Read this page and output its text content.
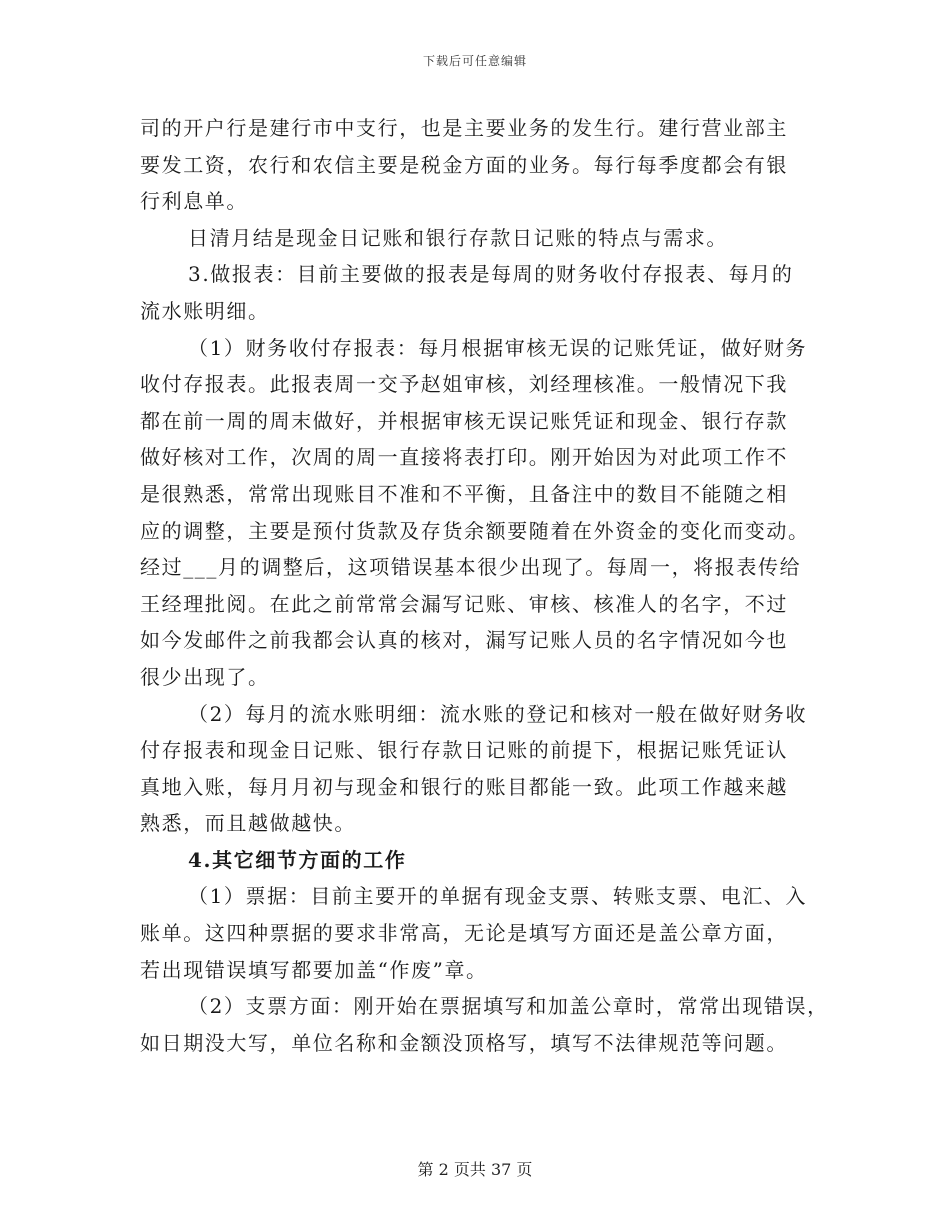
下载后可任意编辑
司的开户行是建行市中支行，也是主要业务的发生行。建行营业部主
要发工资，农行和农信主要是税金方面的业务。每行每季度都会有银
行利息单。
日清月结是现金日记账和银行存款日记账的特点与需求。
3.做报表：目前主要做的报表是每周的财务收付存报表、每月的
流水账明细。
（1）财务收付存报表：每月根据审核无误的记账凭证，做好财务
收付存报表。此报表周一交予赵姐审核，刘经理核准。一般情况下我
都在前一周的周末做好，并根据审核无误记账凭证和现金、银行存款
做好核对工作，次周的周一直接将表打印。刚开始因为对此项工作不
是很熟悉，常常出现账目不准和不平衡，且备注中的数目不能随之相
应的调整，主要是预付货款及存货余额要随着在外资金的变化而变动。
经过___月的调整后，这项错误基本很少出现了。每周一，将报表传给
王经理批阅。在此之前常常会漏写记账、审核、核准人的名字，不过
如今发邮件之前我都会认真的核对，漏写记账人员的名字情况如今也
很少出现了。
（2）每月的流水账明细：流水账的登记和核对一般在做好财务收
付存报表和现金日记账、银行存款日记账的前提下，根据记账凭证认
真地入账，每月月初与现金和银行的账目都能一致。此项工作越来越
熟悉，而且越做越快。
4.其它细节方面的工作
（1）票据：目前主要开的单据有现金支票、转账支票、电汇、入
账单。这四种票据的要求非常高，无论是填写方面还是盖公章方面，
若出现错误填写都要加盖“作废”章。
（2）支票方面：刚开始在票据填写和加盖公章时，常常出现错误，
如日期没大写，单位名称和金额没顶格写，填写不法律规范等问题。
第 2 页共 37 页
